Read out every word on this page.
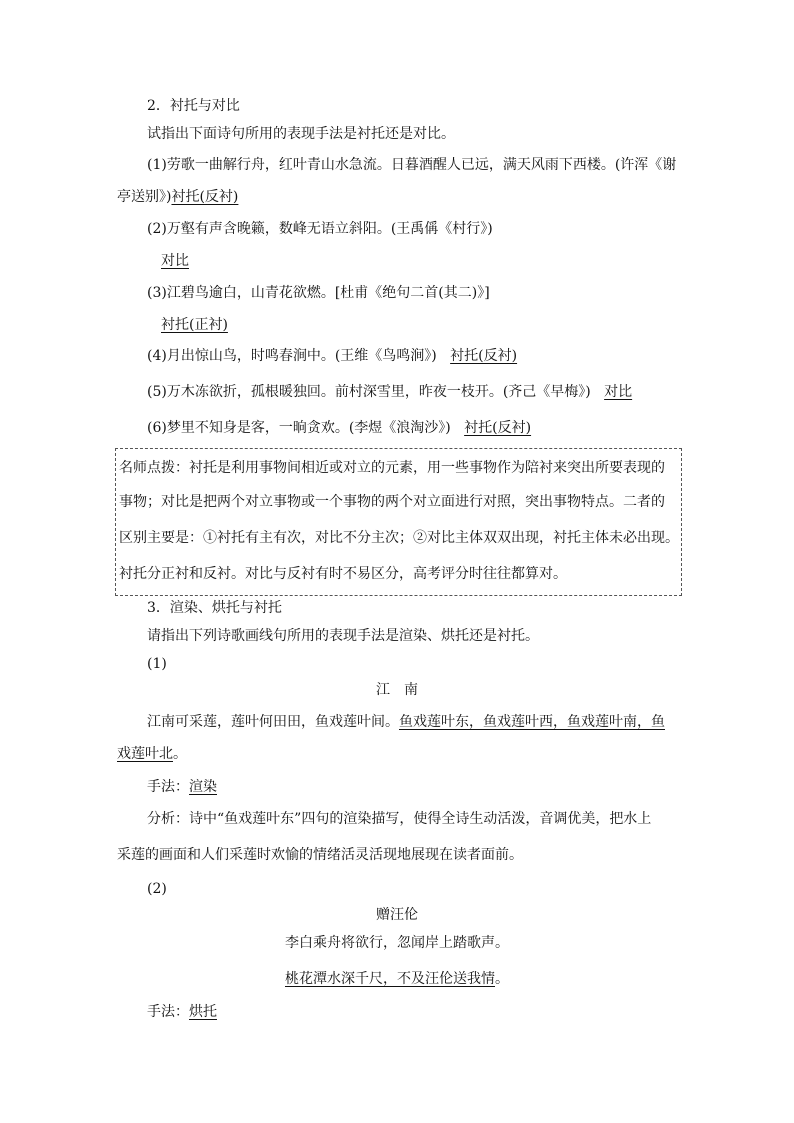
2．衬托与对比
试指出下面诗句所用的表现手法是衬托还是对比。
(1)劳歌一曲解行舟，红叶青山水急流。日暮酒醒人已远，满天风雨下西楼。(许浑《谢
亭送别》)衬托(反衬)
(2)万壑有声含晚籁，数峰无语立斜阳。(王禹偁《村行》)
对比
(3)江碧鸟逾白，山青花欲燃。[杜甫《绝句二首(其二)》]
衬托(正衬)
(4)月出惊山鸟，时鸣春涧中。(王维《鸟鸣涧》) 衬托(反衬)
(5)万木冻欲折，孤根暖独回。前村深雪里，昨夜一枝开。(齐己《早梅》) 对比
(6)梦里不知身是客，一晌贪欢。(李煜《浪淘沙》) 衬托(反衬)
名师点拨：衬托是利用事物间相近或对立的元素，用一些事物作为陪衬来突出所要表现的
事物；对比是把两个对立事物或一个事物的两个对立面进行对照，突出事物特点。二者的
区别主要是：①衬托有主有次，对比不分主次；②对比主体双双出现，衬托主体未必出现。
衬托分正衬和反衬。对比与反衬有时不易区分，高考评分时往往都算对。
3．渲染、烘托与衬托
请指出下列诗歌画线句所用的表现手法是渲染、烘托还是衬托。
(1)
江　南
江南可采莲，莲叶何田田，鱼戏莲叶间。鱼戏莲叶东，鱼戏莲叶西，鱼戏莲叶南，鱼
戏莲叶北。
手法：渲染
分析：诗中“鱼戏莲叶东”四句的渲染描写，使得全诗生动活泼，音调优美，把水上
采莲的画面和人们采莲时欢愉的情绪活灵活现地展现在读者面前。
(2)
赠汪伦
李白乘舟将欲行，忽闻岸上踏歌声。
桃花潭水深千尺，不及汪伦送我情。
手法：烘托
